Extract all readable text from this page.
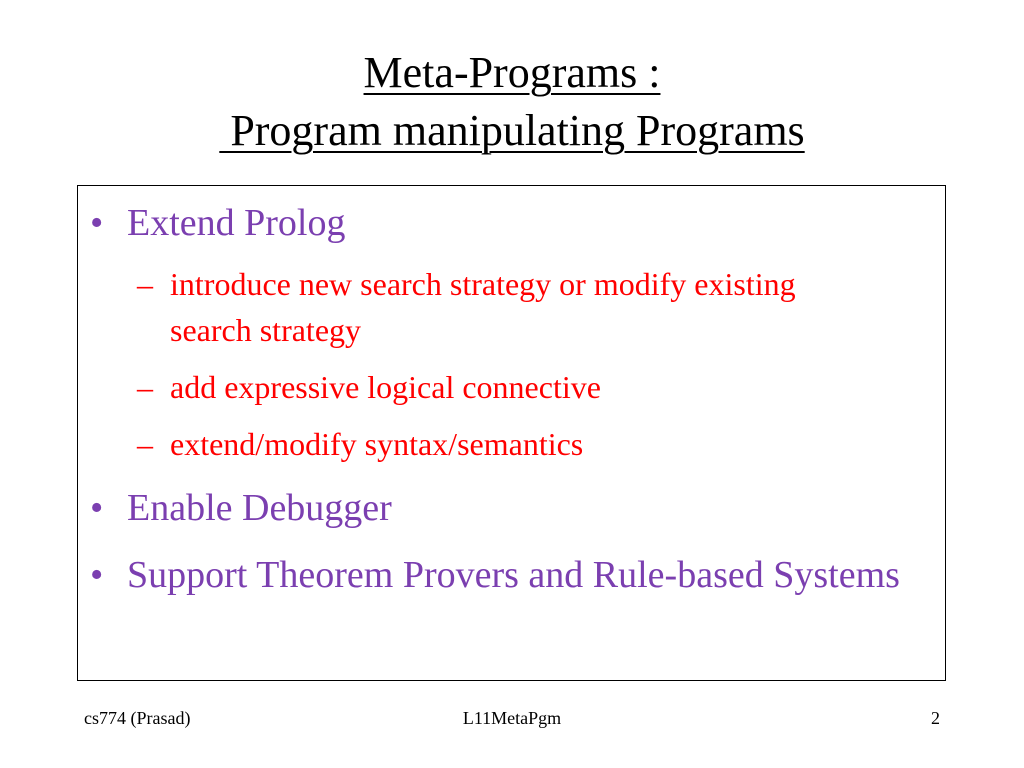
Meta-Programs :
Program manipulating Programs
• Extend Prolog
– introduce new search strategy or modify existing search strategy
– add expressive logical connective
– extend/modify syntax/semantics
• Enable Debugger
• Support Theorem Provers and Rule-based Systems
cs774 (Prasad)	L11MetaPgm	2
